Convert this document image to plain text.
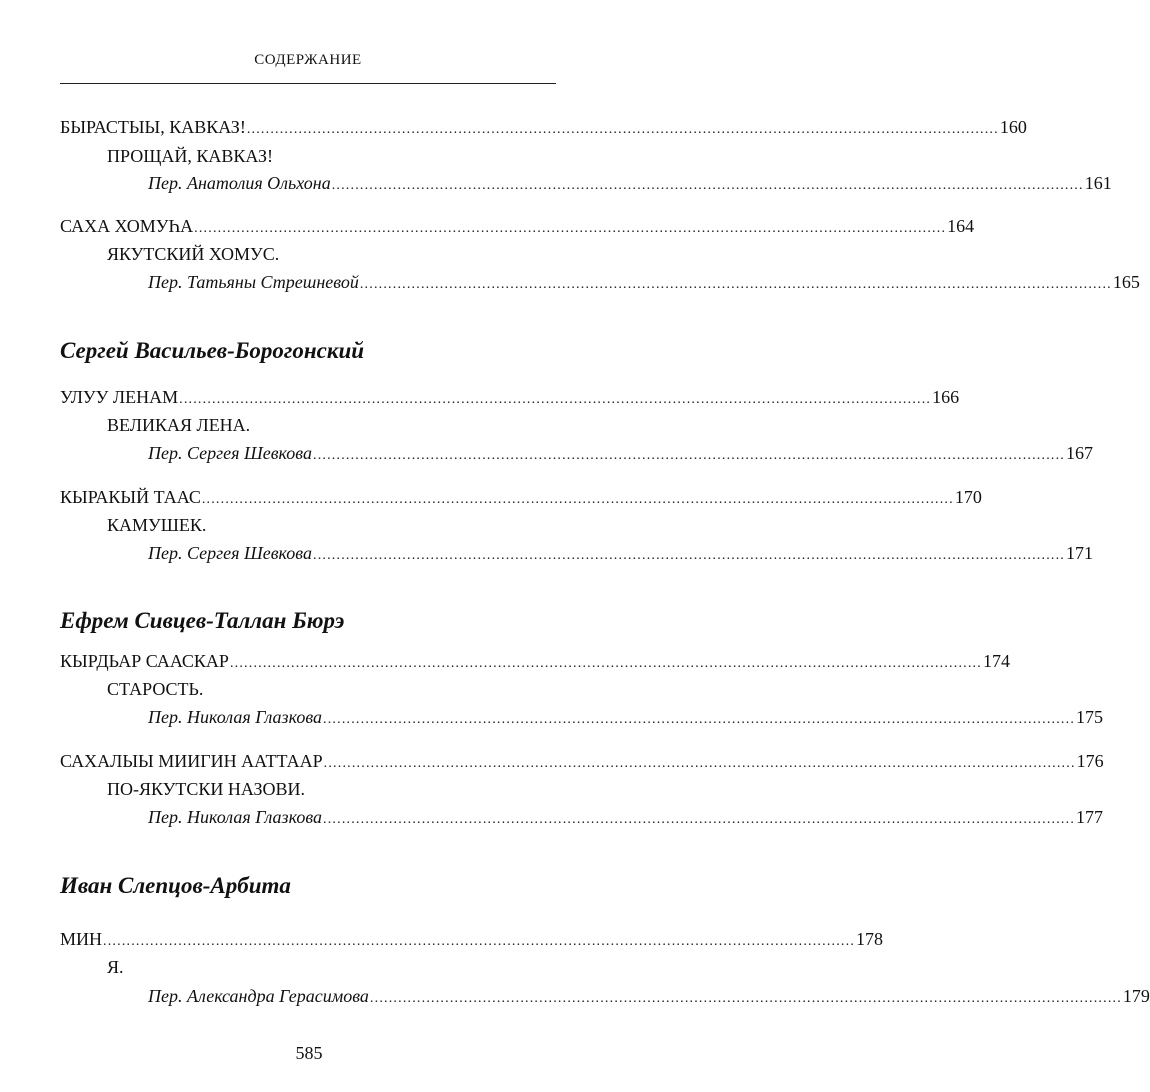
СОДЕРЖАНИЕ
БЫРАСТЫЫ, КАВКАЗ! ................................................................................................................................................................ 160
ПРОЩАЙ, КАВКАЗ!
Пер. Анатолия Ольхона ................................................................................................................................................................ 161
САХА ХОМУҺА ................................................................................................................................................................ 164
ЯКУТСКИЙ ХОМУС.
Пер. Татьяны Стрешневой ................................................................................................................................................................ 165
Сергей Васильев-Борогонский
УЛУУ ЛЕНАМ ................................................................................................................................................................ 166
ВЕЛИКАЯ ЛЕНА.
Пер. Сергея Шевкова ................................................................................................................................................................ 167
КЫРАКЫЙ ТААС ................................................................................................................................................................ 170
КАМУШЕК.
Пер. Сергея Шевкова ................................................................................................................................................................ 171
Ефрем Сивцев-Таллан Бюрэ
КЫРДЬАР СААСКАР ................................................................................................................................................................ 174
СТАРОСТЬ.
Пер. Николая Глазкова ................................................................................................................................................................ 175
САХАЛЫЫ МИИГИН ААТТААР ................................................................................................................................................................ 176
ПО-ЯКУТСКИ НАЗОВИ.
Пер. Николая Глазкова ................................................................................................................................................................ 177
Иван Слепцов-Арбита
МИН ................................................................................................................................................................ 178
Я.
Пер. Александра Герасимова ................................................................................................................................................................ 179
585
